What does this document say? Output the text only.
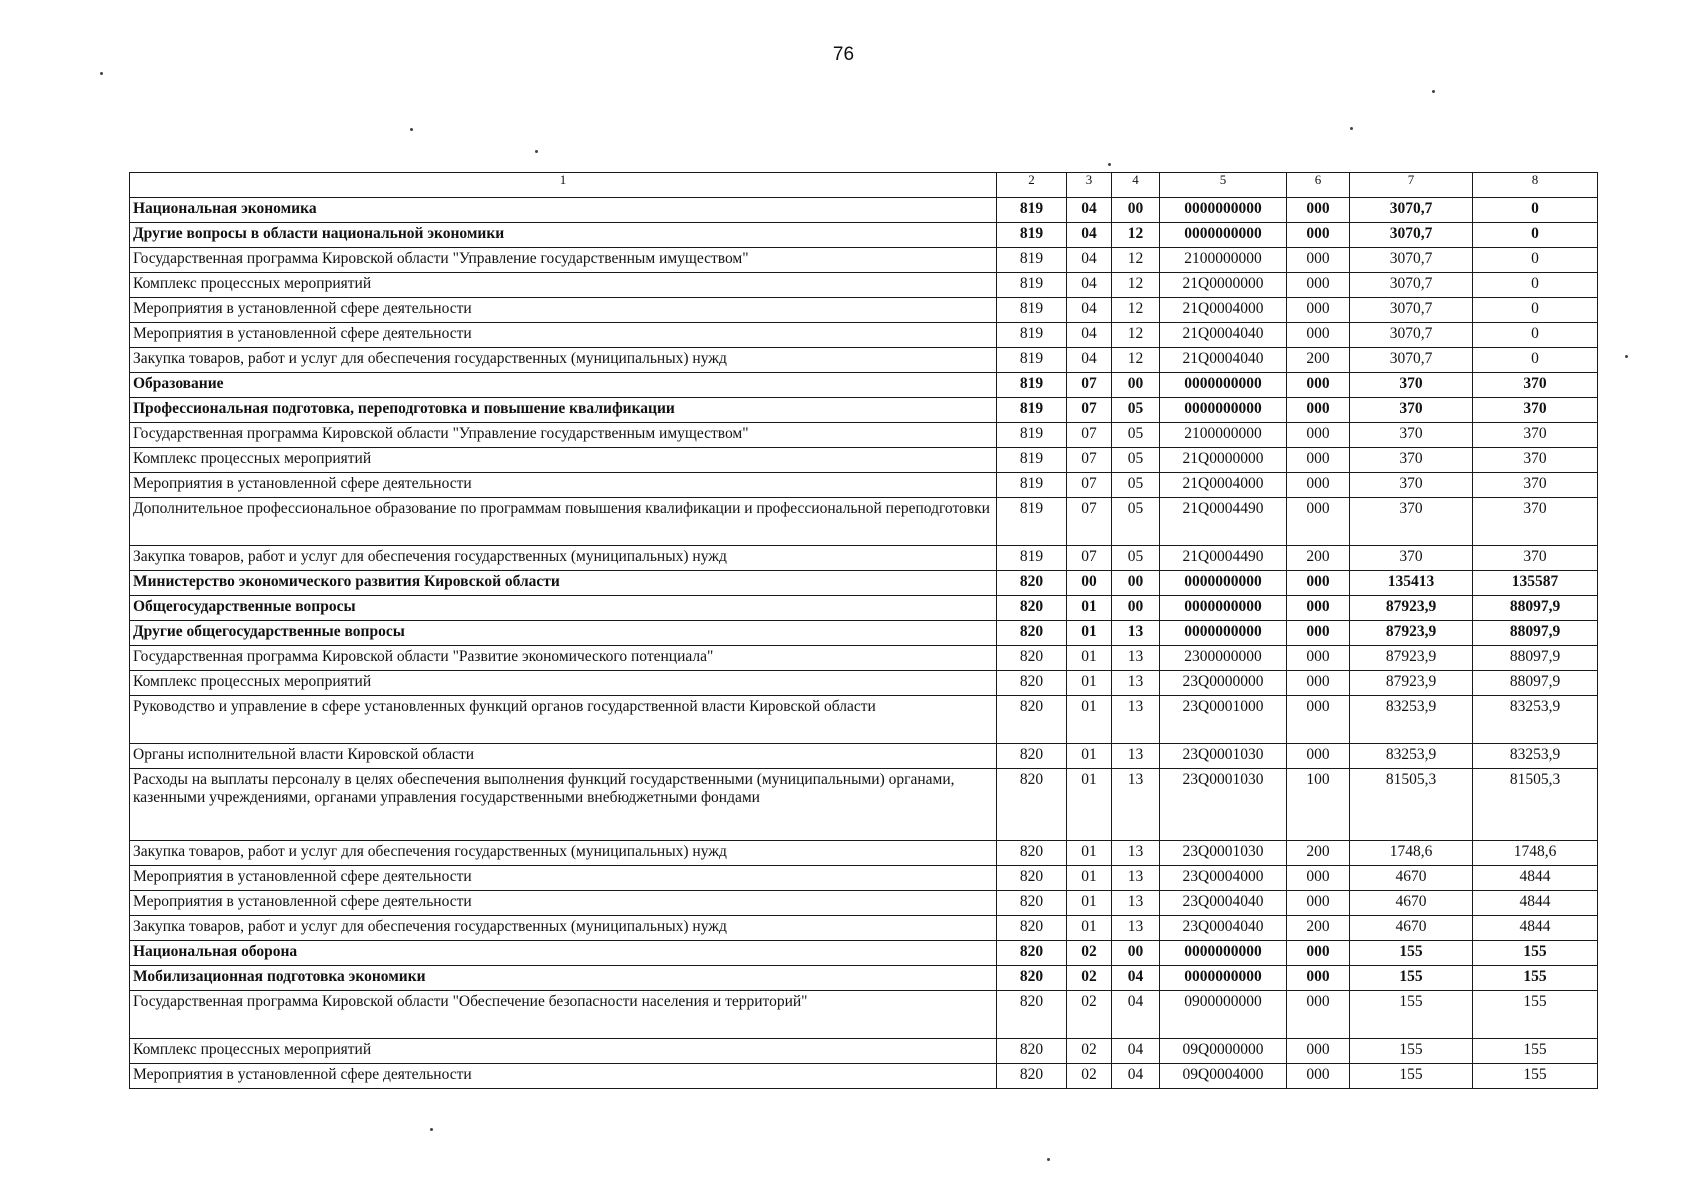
76
1	2	3	4	5	6	7	8
Национальная экономика	819	04	00	0000000000	000	3070,7	0
Другие вопросы в области национальной экономики	819	04	12	0000000000	000	3070,7	0
Государственная программа Кировской области "Управление государственным имуществом"	819	04	12	2100000000	000	3070,7	0
Комплекс процессных мероприятий	819	04	12	21Q0000000	000	3070,7	0
Мероприятия в установленной сфере деятельности	819	04	12	21Q0004000	000	3070,7	0
Мероприятия в установленной сфере деятельности	819	04	12	21Q0004040	000	3070,7	0
Закупка товаров, работ и услуг для обеспечения государственных (муниципальных) нужд	819	04	12	21Q0004040	200	3070,7	0
Образование	819	07	00	0000000000	000	370	370
Профессиональная подготовка, переподготовка и повышение квалификации	819	07	05	0000000000	000	370	370
Государственная программа Кировской области "Управление государственным имуществом"	819	07	05	2100000000	000	370	370
Комплекс процессных мероприятий	819	07	05	21Q0000000	000	370	370
Мероприятия в установленной сфере деятельности	819	07	05	21Q0004000	000	370	370
Дополнительное профессиональное образование по программам повышения квалификации и профессиональной переподготовки	819	07	05	21Q0004490	000	370	370
Закупка товаров, работ и услуг для обеспечения государственных (муниципальных) нужд	819	07	05	21Q0004490	200	370	370
Министерство экономического развития Кировской области	820	00	00	0000000000	000	135413	135587
Общегосударственные вопросы	820	01	00	0000000000	000	87923,9	88097,9
Другие общегосударственные вопросы	820	01	13	0000000000	000	87923,9	88097,9
Государственная программа Кировской области "Развитие экономического потенциала"	820	01	13	2300000000	000	87923,9	88097,9
Комплекс процессных мероприятий	820	01	13	23Q0000000	000	87923,9	88097,9
Руководство и управление в сфере установленных функций органов государственной власти Кировской области	820	01	13	23Q0001000	000	83253,9	83253,9
Органы исполнительной власти Кировской области	820	01	13	23Q0001030	000	83253,9	83253,9
Расходы на выплаты персоналу в целях обеспечения выполнения функций государственными (муниципальными) органами, казенными учреждениями, органами управления государственными внебюджетными фондами	820	01	13	23Q0001030	100	81505,3	81505,3
Закупка товаров, работ и услуг для обеспечения государственных (муниципальных) нужд	820	01	13	23Q0001030	200	1748,6	1748,6
Мероприятия в установленной сфере деятельности	820	01	13	23Q0004000	000	4670	4844
Мероприятия в установленной сфере деятельности	820	01	13	23Q0004040	000	4670	4844
Закупка товаров, работ и услуг для обеспечения государственных (муниципальных) нужд	820	01	13	23Q0004040	200	4670	4844
Национальная оборона	820	02	00	0000000000	000	155	155
Мобилизационная подготовка экономики	820	02	04	0000000000	000	155	155
Государственная программа Кировской области "Обеспечение безопасности населения и территорий"	820	02	04	0900000000	000	155	155
Комплекс процессных мероприятий	820	02	04	09Q0000000	000	155	155
Мероприятия в установленной сфере деятельности	820	02	04	09Q0004000	000	155	155
